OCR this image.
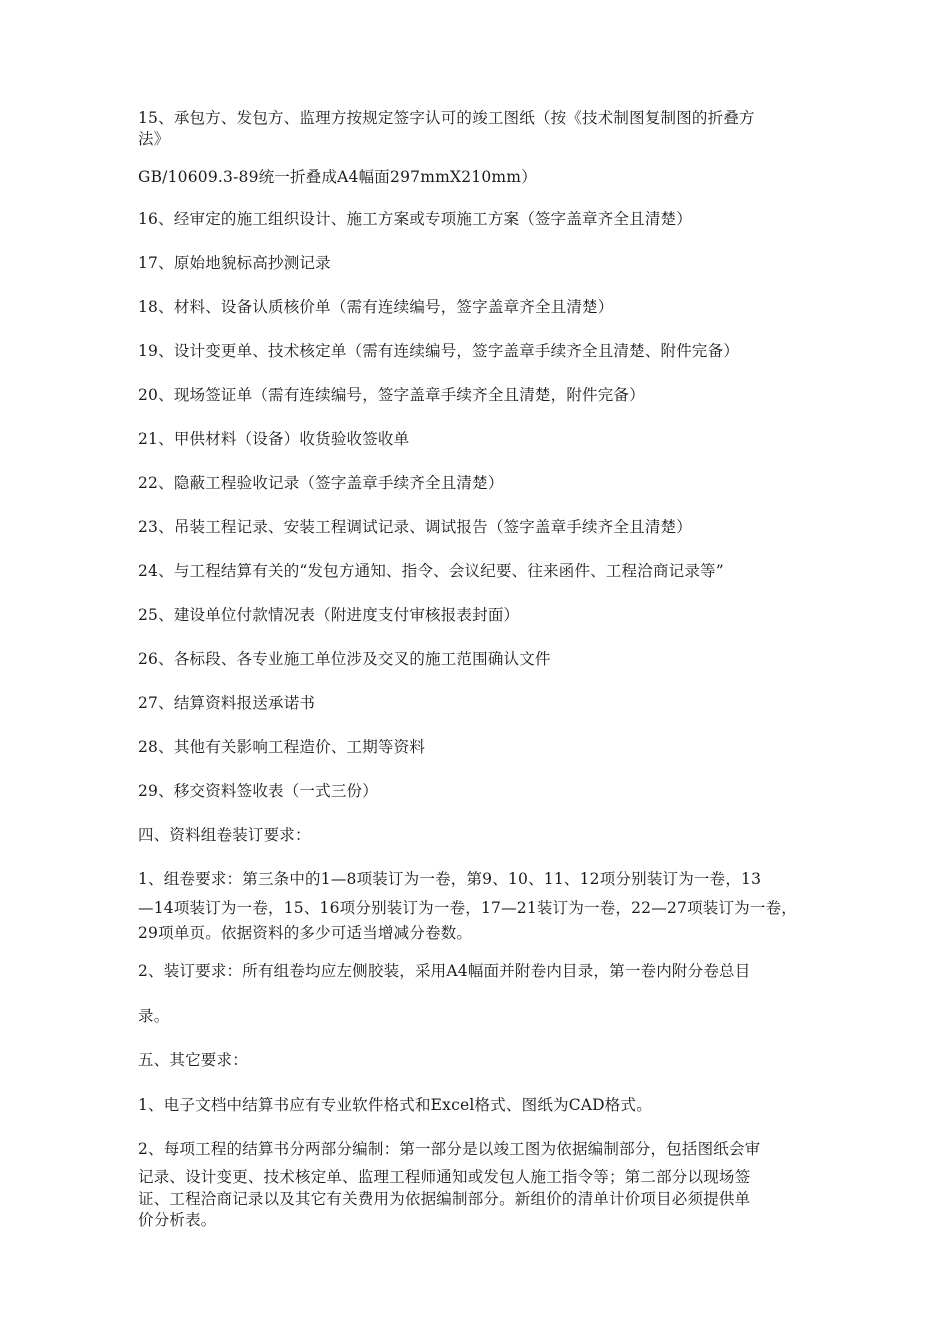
15、承包方、发包方、监理方按规定签字认可的竣工图纸（按《技术制图复制图的折叠方
法》
GB/10609.3-89统一折叠成A4幅面297mmX210mm）
16、经审定的施工组织设计、施工方案或专项施工方案（签字盖章齐全且清楚）
17、原始地貌标高抄测记录
18、材料、设备认质核价单（需有连续编号，签字盖章齐全且清楚）
19、设计变更单、技术核定单（需有连续编号，签字盖章手续齐全且清楚、附件完备）
20、现场签证单（需有连续编号，签字盖章手续齐全且清楚，附件完备）
21、甲供材料（设备）收货验收签收单
22、隐蔽工程验收记录（签字盖章手续齐全且清楚）
23、吊装工程记录、安装工程调试记录、调试报告（签字盖章手续齐全且清楚）
24、与工程结算有关的“发包方通知、指令、会议纪要、往来函件、工程洽商记录等”
25、建设单位付款情况表（附进度支付审核报表封面）
26、各标段、各专业施工单位涉及交叉的施工范围确认文件
27、结算资料报送承诺书
28、其他有关影响工程造价、工期等资料
29、移交资料签收表（一式三份）
四、资料组卷装订要求：
1、组卷要求：第三条中的1—8项装订为一卷，第9、10、11、12项分别装订为一卷，13
—14项装订为一卷，15、16项分别装订为一卷，17—21装订为一卷，22—27项装订为一卷，
29项单页。依据资料的多少可适当增减分卷数。
2、装订要求：所有组卷均应左侧胶装，采用A4幅面并附卷内目录，第一卷内附分卷总目
录。
五、其它要求：
1、电子文档中结算书应有专业软件格式和Excel格式、图纸为CAD格式。
2、每项工程的结算书分两部分编制：第一部分是以竣工图为依据编制部分，包括图纸会审
记录、设计变更、技术核定单、监理工程师通知或发包人施工指令等；第二部分以现场签
证、工程洽商记录以及其它有关费用为依据编制部分。新组价的清单计价项目必须提供单
价分析表。
